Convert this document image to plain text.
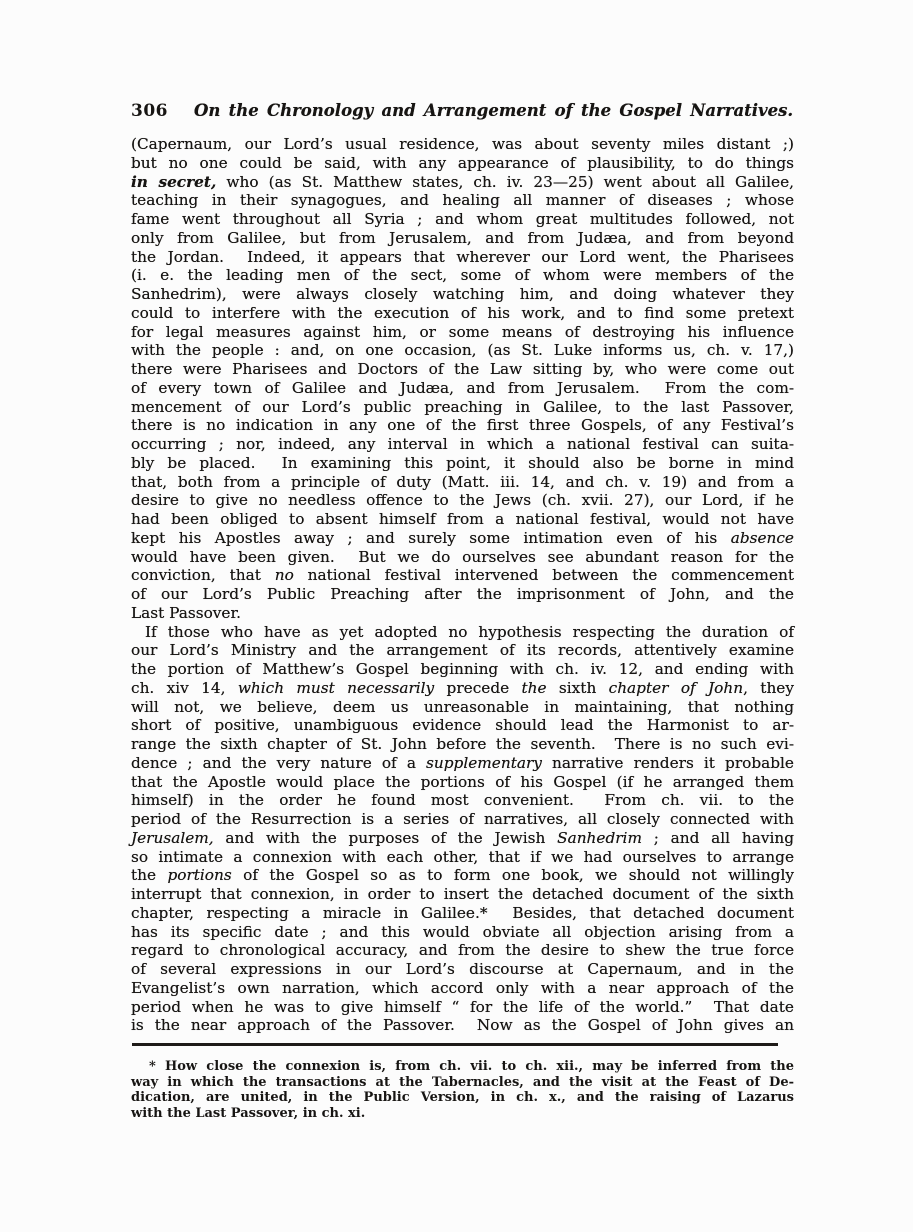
306 On the Chronology and Arrangement of the Gospel Narratives.
(Capernaum, our Lord’s usual residence, was about seventy miles distant ;)
but no one could be said, with any appearance of plausibility, to do things
in secret, who (as St. Matthew states, ch. iv. 23—25) went about all Galilee,
teaching in their synagogues, and healing all manner of diseases ; whose
fame went throughout all Syria ; and whom great multitudes followed, not
only from Galilee, but from Jerusalem, and from Judæa, and from beyond
the Jordan.  Indeed, it appears that wherever our Lord went, the Pharisees
(i. e. the leading men of the sect, some of whom were members of the
Sanhedrim), were always closely watching him, and doing whatever they
could to interfere with the execution of his work, and to find some pretext
for legal measures against him, or some means of destroying his influence
with the people : and, on one occasion, (as St. Luke informs us, ch. v. 17,)
there were Pharisees and Doctors of the Law sitting by, who were come out
of every town of Galilee and Judæa, and from Jerusalem.  From the com-
mencement of our Lord’s public preaching in Galilee, to the last Passover,
there is no indication in any one of the first three Gospels, of any Festival’s
occurring ; nor, indeed, any interval in which a national festival can suita-
bly be placed.  In examining this point, it should also be borne in mind
that, both from a principle of duty (Matt. iii. 14, and ch. v. 19) and from a
desire to give no needless offence to the Jews (ch. xvii. 27), our Lord, if he
had been obliged to absent himself from a national festival, would not have
kept his Apostles away ; and surely some intimation even of his absence
would have been given.  But we do ourselves see abundant reason for the
conviction, that no national festival intervened between the commencement
of our Lord’s Public Preaching after the imprisonment of John, and the
Last Passover.
If those who have as yet adopted no hypothesis respecting the duration of
our Lord’s Ministry and the arrangement of its records, attentively examine
the portion of Matthew’s Gospel beginning with ch. iv. 12, and ending with
ch. xiv 14, which must necessarily precede the sixth chapter of John, they
will not, we believe, deem us unreasonable in maintaining, that nothing
short of positive, unambiguous evidence should lead the Harmonist to ar-
range the sixth chapter of St. John before the seventh.  There is no such evi-
dence ; and the very nature of a supplementary narrative renders it probable
that the Apostle would place the portions of his Gospel (if he arranged them
himself) in the order he found most convenient.  From ch. vii. to the
period of the Resurrection is a series of narratives, all closely connected with
Jerusalem, and with the purposes of the Jewish Sanhedrim ; and all having
so intimate a connexion with each other, that if we had ourselves to arrange
the portions of the Gospel so as to form one book, we should not willingly
interrupt that connexion, in order to insert the detached document of the sixth
chapter, respecting a miracle in Galilee.*  Besides, that detached document
has its specific date ; and this would obviate all objection arising from a
regard to chronological accuracy, and from the desire to shew the true force
of several expressions in our Lord’s discourse at Capernaum, and in the
Evangelist’s own narration, which accord only with a near approach of the
period when he was to give himself “ for the life of the world.”  That date
is the near approach of the Passover.  Now as the Gospel of John gives an
* How close the connexion is, from ch. vii. to ch. xii., may be inferred from the
way in which the transactions at the Tabernacles, and the visit at the Feast of De-
dication, are united, in the Public Version, in ch. x., and the raising of Lazarus
with the Last Passover, in ch. xi.
